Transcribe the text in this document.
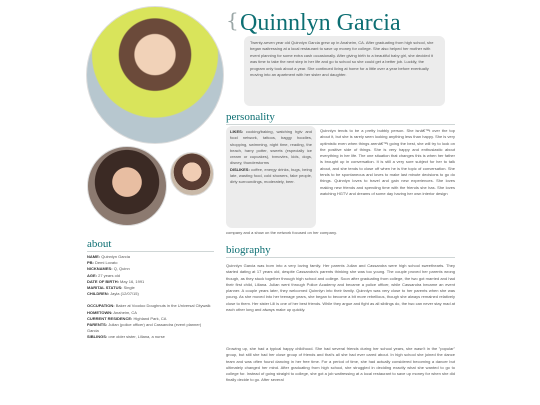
{ Quinnlyn Garcia
Twenty-seven year old Quinnlyn Garcia grew up in Anaheim, CA. After graduating from high school, she began waitressing at a local restaurant to save up money for college. She also helped her mother with event planning for some extra cash occasionally. After giving birth to a beautiful baby girl, she decided it was time to take the next step in her life and go to school so she could get a better job. Luckily, the program only took about a year. She continued living at home for a little over a year before eventually moving into an apartment with her sister and daughter.
personality
LIKES: cooking/baking, watching hgtv and food network, tattoos, baggy hoodies, shopping, swimming, night time, reading, the beach, harry potter, sweets (especially ice cream or cupcakes), tvmovies, kids, dogs, disney, thunderstorms
DISLIKES: coffee, energy drinks, bugs, being late, wasting food, cold showers, fake people, dirty surroundings, moderately, beer.
Quinnlyn tends to be a pretty bubbly person. She isnâ€™t over the top about it, but she is rarely seen looking anything less than happy. She is very optimistic even when things arenâ€™t going the best, she will try to look on the positive side of things. She is very happy and enthusiastic about everything in her life. The one situation that changes this is when her father is brought up in conversation. It is still a very sore subject for her to talk about, and she tends to close off when he is the topic of conversation. She tends to be spontaneous and loves to make last minute decisions to go do things. Quinnlyn loves to travel and gain new experiences. She loves making new friends and spending time with the friends she has. She loves watching HGTV and dreams of some day having her own interior design
company and a show on the network focused on her company.
biography
Quinnlyn Garcia was born into a very loving family. Her parents Julian and Cassandra were high school sweethearts. They started dating at 17 years old, despite Cassandra's parents thinking she was too young. The couple proved her parents wrong though, as they stuck together through high school and college. Soon after graduating from college, the two got married and had their first child, Liliana. Julian went through Police Academy and became a police officer, while Cassandra became an event planner. A couple years later, they welcomed Quinnlyn into their family. Quinnlyn was very close to her parents when she was young. As she moved into her teenage years, she began to become a bit more rebellious, though she always remained relatively close to them. Her sister Lili is one of her best friends. While they argue and fight as all siblings do, the two can never stay mad at each other long and always make up quickly.
Growing up, she had a typical happy childhood. She had several friends during her school years, she wasn't in the "popular" group, but still she had her close group of friends and that's all she had ever cared about. In high school she joined the dance team and was often found dancing in her free time. For a period of time, she had actually considered becoming a dancer but ultimately changed her mind. After graduating from high school, she struggled in deciding exactly what she wanted to go to college for. Instead of going straight to college, she got a job waitressing at a local restaurant to save up money for when she did finally decide to go. After several
about

NAME: Quinnlyn Garcia

PB: Demi Lovato

NICKNAMES: Q, Quinn

AGE: 27 years old

DATE OF BIRTH: May 16, 1991

MARITAL STATUS: Single

CHILDREN: Jayla (12/07/15)

OCCUPATION: Baker at Voodoo Doughnuts in the Universal Citywalk

HOMETOWN: Anaheim, CA

CURRENT RESIDENCE: Highland Park, CA

PARENTS: Julian (police officer) and Cassandra (event planner) Garcia

SIBLINGS: one older sister, Liliana, a nurse
